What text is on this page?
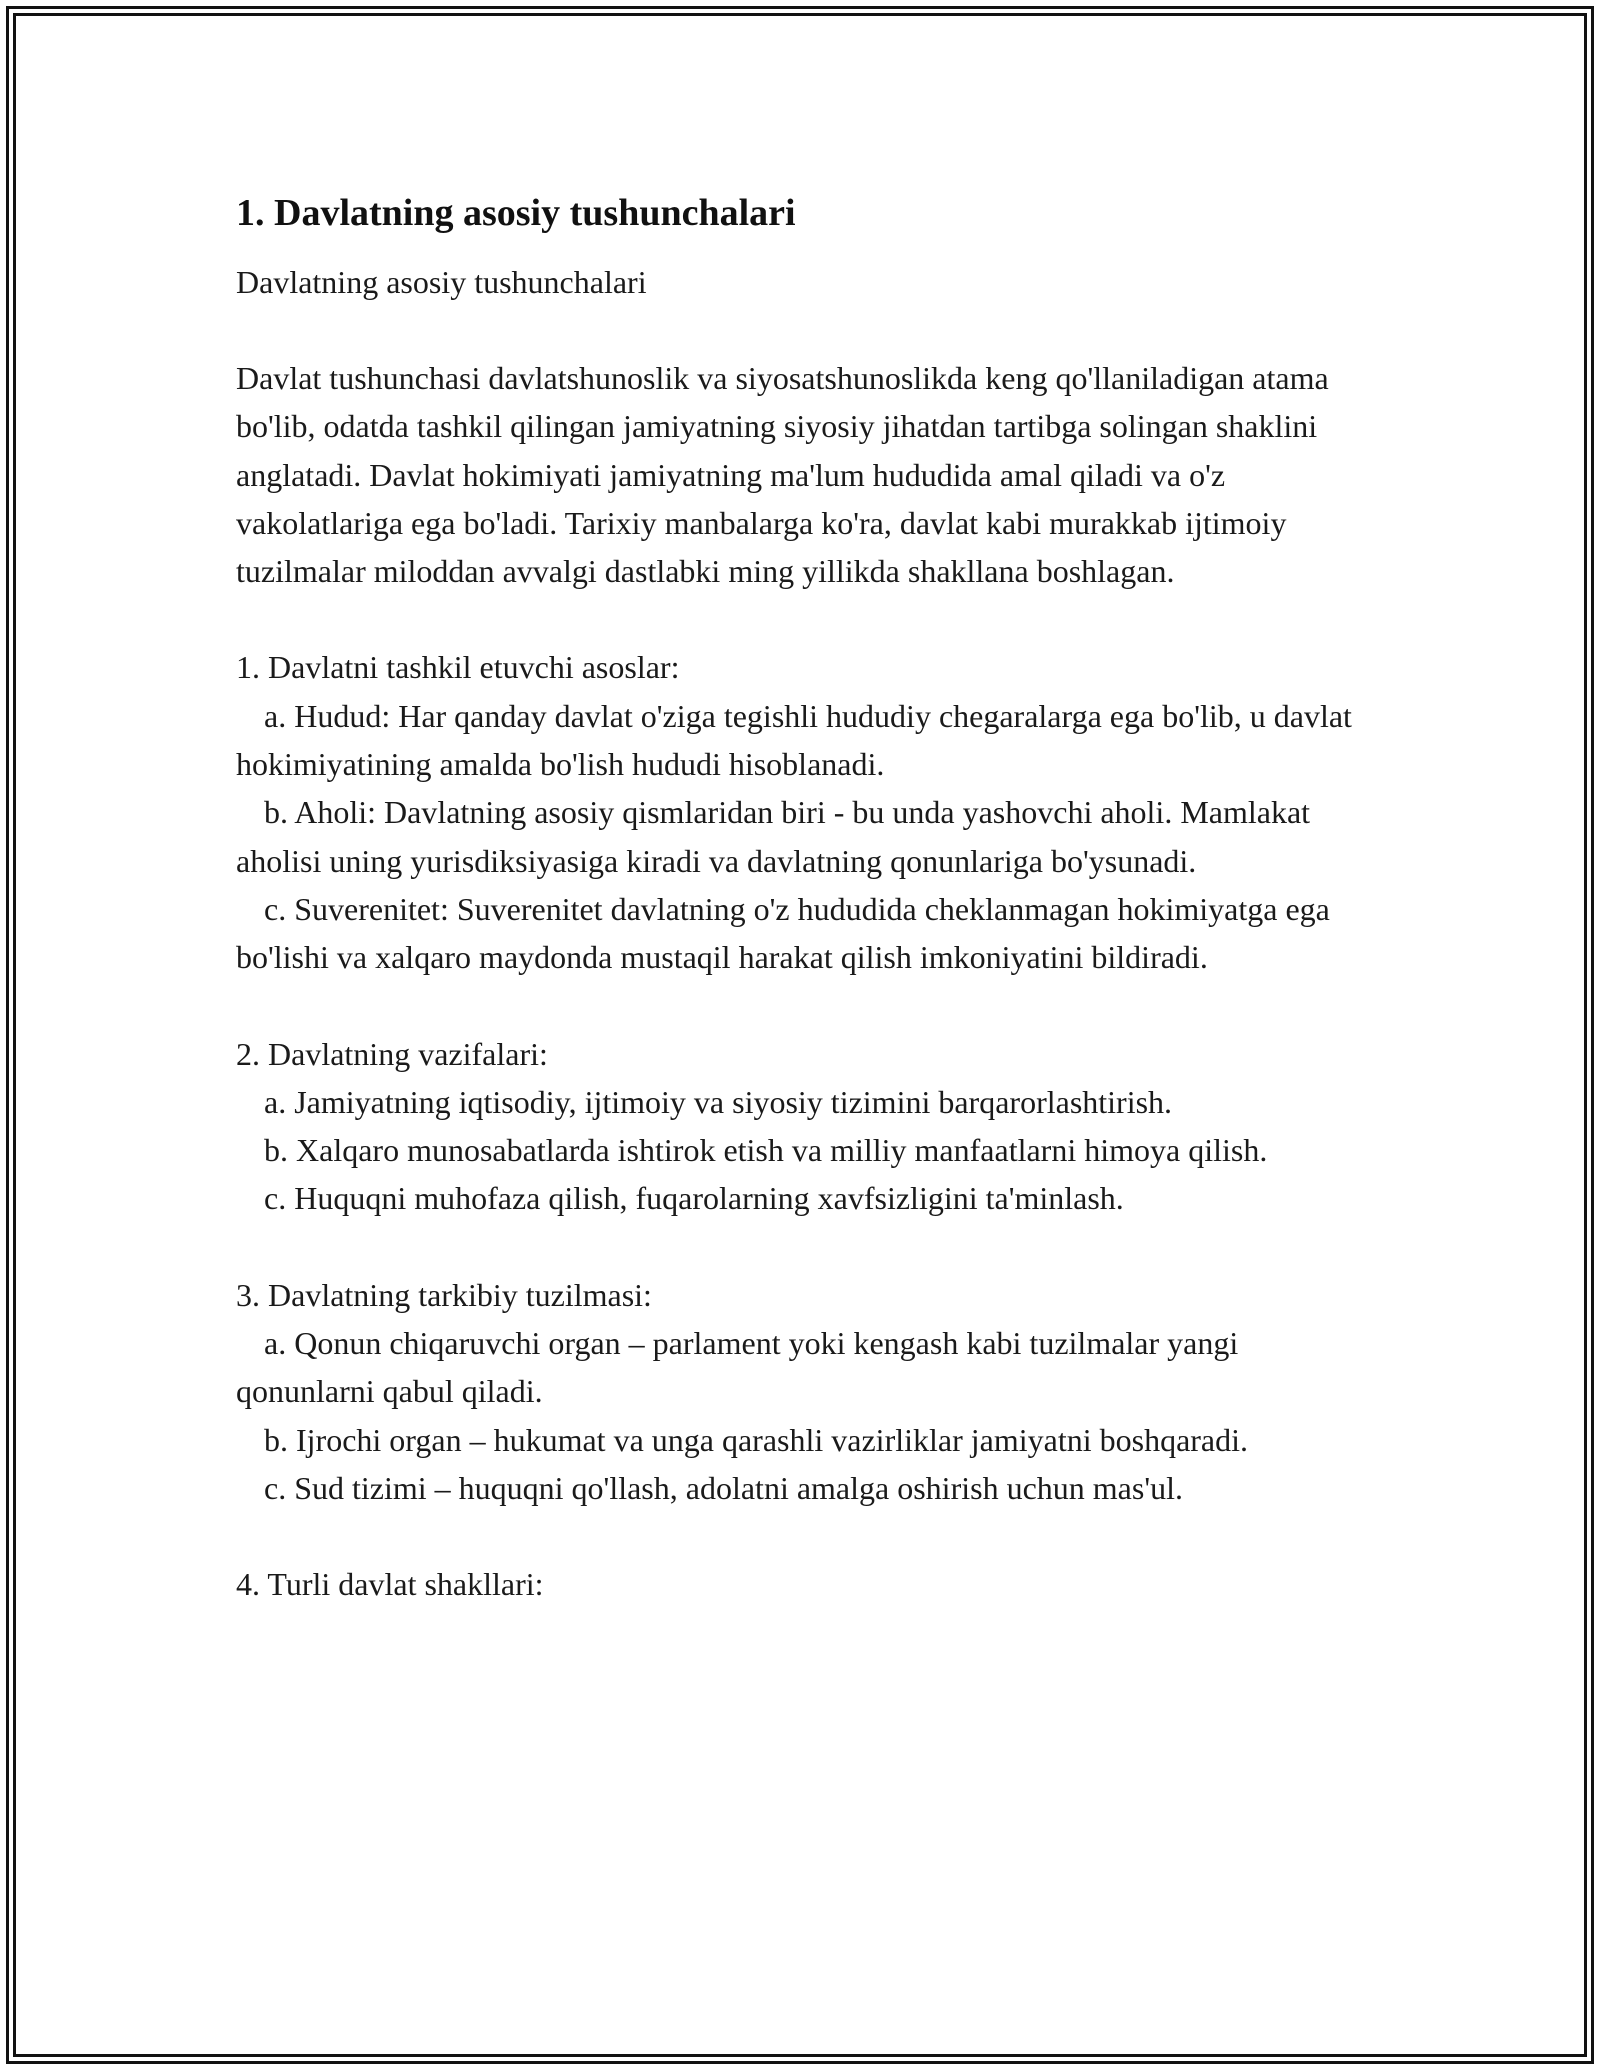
1. Davlatning asosiy tushunchalari

Davlatning asosiy tushunchalari

Davlat tushunchasi davlatshunoslik va siyosatshunoslikda keng qo'llaniladigan atama bo'lib, odatda tashkil qilingan jamiyatning siyosiy jihatdan tartibga solingan shaklini anglatadi. Davlat hokimiyati jamiyatning ma'lum hududida amal qiladi va o'z vakolatlariga ega bo'ladi. Tarixiy manbalarga ko'ra, davlat kabi murakkab ijtimoiy tuzilmalar miloddan avvalgi dastlabki ming yillikda shakllana boshlagan.

1. Davlatni tashkil etuvchi asoslar:

a. Hudud: Har qanday davlat o'ziga tegishli hududiy chegaralarga ega bo'lib, u davlat hokimiyatining amalda bo'lish hududi hisoblanadi.

b. Aholi: Davlatning asosiy qismlaridan biri - bu unda yashovchi aholi. Mamlakat aholisi uning yurisdiksiyasiga kiradi va davlatning qonunlariga bo'ysunadi.

c. Suverenitet: Suverenitet davlatning o'z hududida cheklanmagan hokimiyatga ega bo'lishi va xalqaro maydonda mustaqil harakat qilish imkoniyatini bildiradi.

2. Davlatning vazifalari:

a. Jamiyatning iqtisodiy, ijtimoiy va siyosiy tizimini barqarorlashtirish.

b. Xalqaro munosabatlarda ishtirok etish va milliy manfaatlarni himoya qilish.

c. Huquqni muhofaza qilish, fuqarolarning xavfsizligini ta'minlash.

3. Davlatning tarkibiy tuzilmasi:

a. Qonun chiqaruvchi organ – parlament yoki kengash kabi tuzilmalar yangi qonunlarni qabul qiladi.

b. Ijrochi organ – hukumat va unga qarashli vazirliklar jamiyatni boshqaradi.

c. Sud tizimi – huquqni qo'llash, adolatni amalga oshirish uchun mas'ul.

4. Turli davlat shakllari:
